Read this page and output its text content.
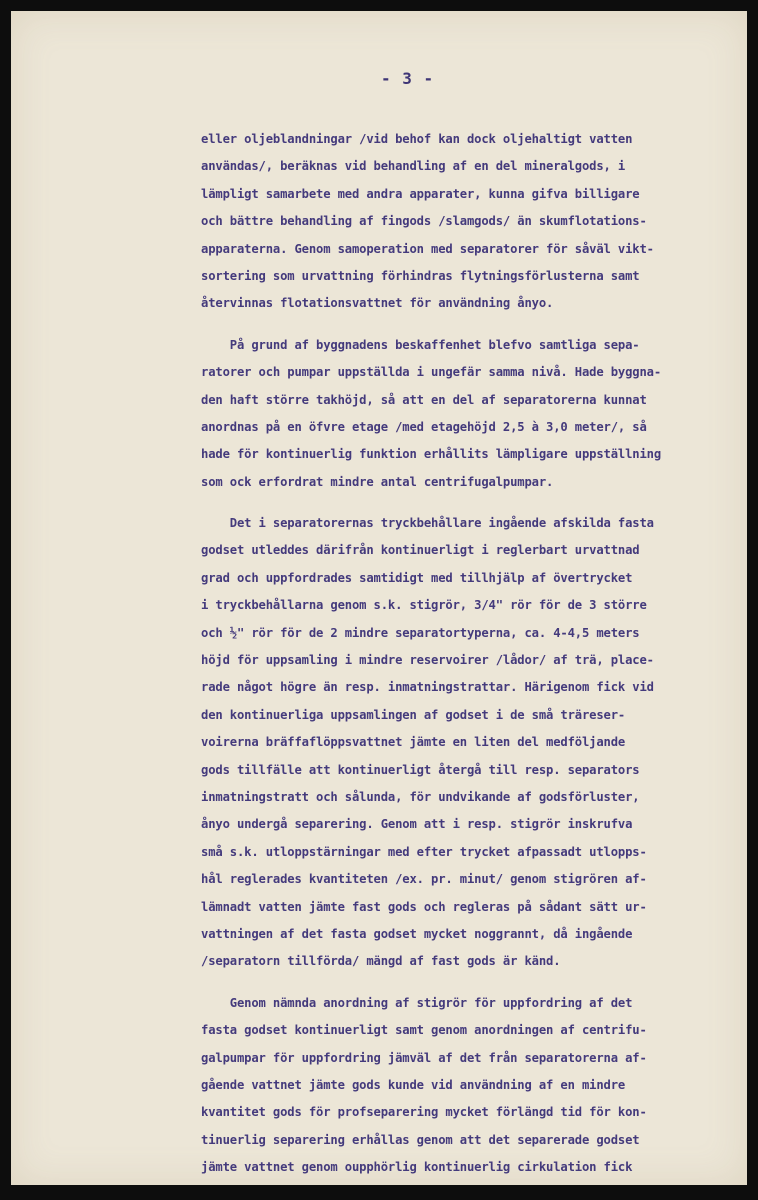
- 3 -
eller oljeblandningar /vid behof kan dock oljehaltigt vatten
användas/, beräknas vid behandling af en del mineralgods, i
lämpligt samarbete med andra apparater, kunna gifva billigare
och bättre behandling af fingods /slamgods/ än skumflotations-
apparaterna. Genom samoperation med separatorer för såväl vikt-
sortering som urvattning förhindras flytningsförlusterna samt
återvinnas flotationsvattnet för användning ånyo.
På grund af byggnadens beskaffenhet blefvo samtliga sepa-
ratorer och pumpar uppställda i ungefär samma nivå. Hade byggna-
den haft större takhöjd, så att en del af separatorerna kunnat
anordnas på en öfvre etage /med etagehöjd 2,5 à 3,0 meter/, så
hade för kontinuerlig funktion erhållits lämpligare uppställning
som ock erfordrat mindre antal centrifugalpumpar.
Det i separatorernas tryckbehållare ingående afskilda fasta
godset utleddes därifrån kontinuerligt i reglerbart urvattnad
grad och uppfordrades samtidigt med tillhjälp af övertrycket
i tryckbehållarna genom s.k. stigrör, 3/4" rör för de 3 större
och ½" rör för de 2 mindre separatortyperna, ca. 4-4,5 meters
höjd för uppsamling i mindre reservoirer /lådor/ af trä, place-
rade något högre än resp. inmatningstrattar. Härigenom fick vid
den kontinuerliga uppsamlingen af godset i de små träreser-
voirerna bräffaflöppsvattnet jämte en liten del medföljande
gods tillfälle att kontinuerligt återgå till resp. separators
inmatningstratt och sålunda, för undvikande af godsförluster,
ånyo undergå separering. Genom att i resp. stigrör inskrufva
små s.k. utloppstärningar med efter trycket afpassadt utlopps-
hål reglerades kvantiteten /ex. pr. minut/ genom stigrören af-
lämnadt vatten jämte fast gods och regleras på sådant sätt ur-
vattningen af det fasta godset mycket noggrannt, då ingående
/separatorn tillförda/ mängd af fast gods är känd.
Genom nämnda anordning af stigrör för uppfordring af det
fasta godset kontinuerligt samt genom anordningen af centrifu-
galpumpar för uppfordring jämväl af det från separatorerna af-
gående vattnet jämte gods kunde vid användning af en mindre
kvantitet gods för profseparering mycket förlängd tid för kon-
tinuerlig separering erhållas genom att det separerade godset
jämte vattnet genom oupphörlig kontinuerlig cirkulation fick
